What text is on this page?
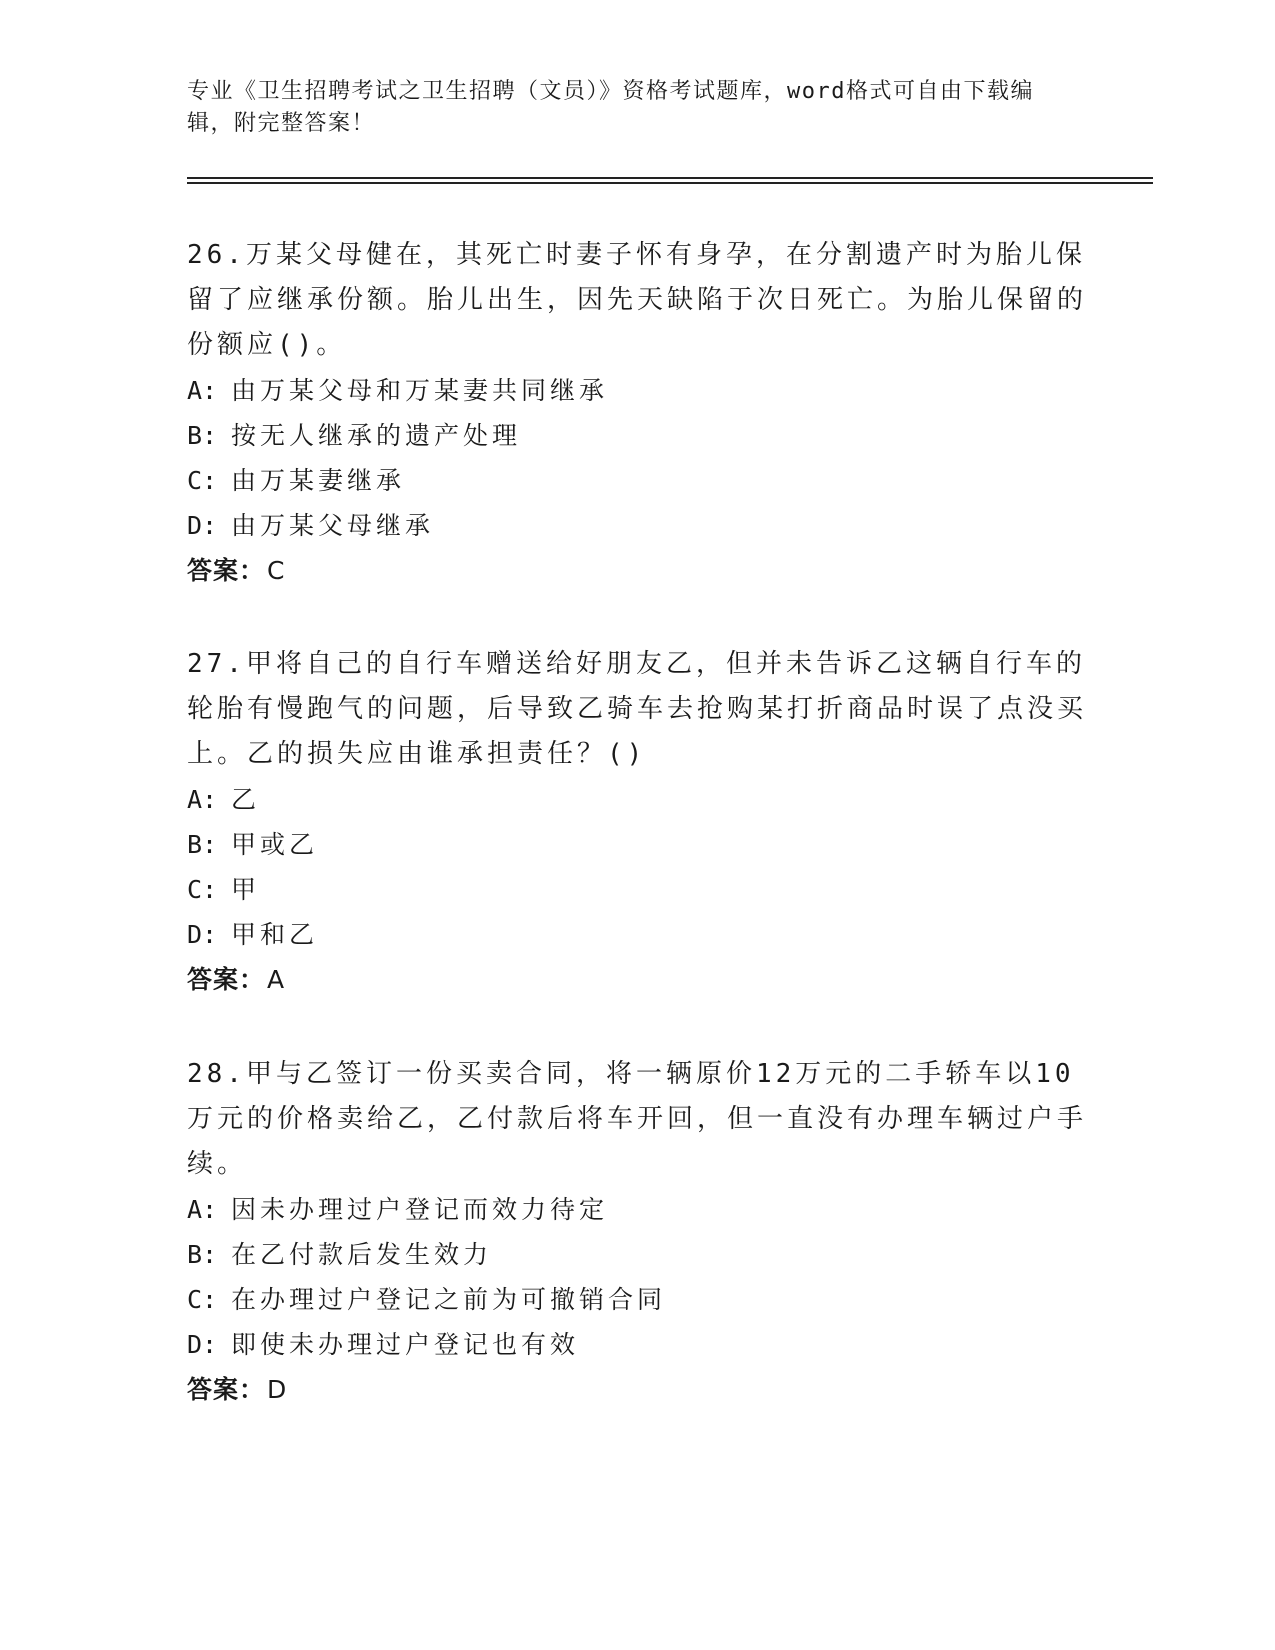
专业《卫生招聘考试之卫生招聘（文员）》资格考试题库，word格式可自由下载编辑，附完整答案！

26.万某父母健在，其死亡时妻子怀有身孕，在分割遗产时为胎儿保留了应继承份额。胎儿出生，因先天缺陷于次日死亡。为胎儿保留的份额应()。

A: 由万某父母和万某妻共同继承
B: 按无人继承的遗产处理
C: 由万某妻继承
D: 由万某父母继承
答案：C

27.甲将自己的自行车赠送给好朋友乙，但并未告诉乙这辆自行车的轮胎有慢跑气的问题，后导致乙骑车去抢购某打折商品时误了点没买上。乙的损失应由谁承担责任？()

A: 乙
B: 甲或乙
C: 甲
D: 甲和乙
答案：A

28.甲与乙签订一份买卖合同，将一辆原价12万元的二手轿车以10万元的价格卖给乙，乙付款后将车开回，但一直没有办理车辆过户手续。

A: 因未办理过户登记而效力待定
B: 在乙付款后发生效力
C: 在办理过户登记之前为可撤销合同
D: 即使未办理过户登记也有效
答案：D
